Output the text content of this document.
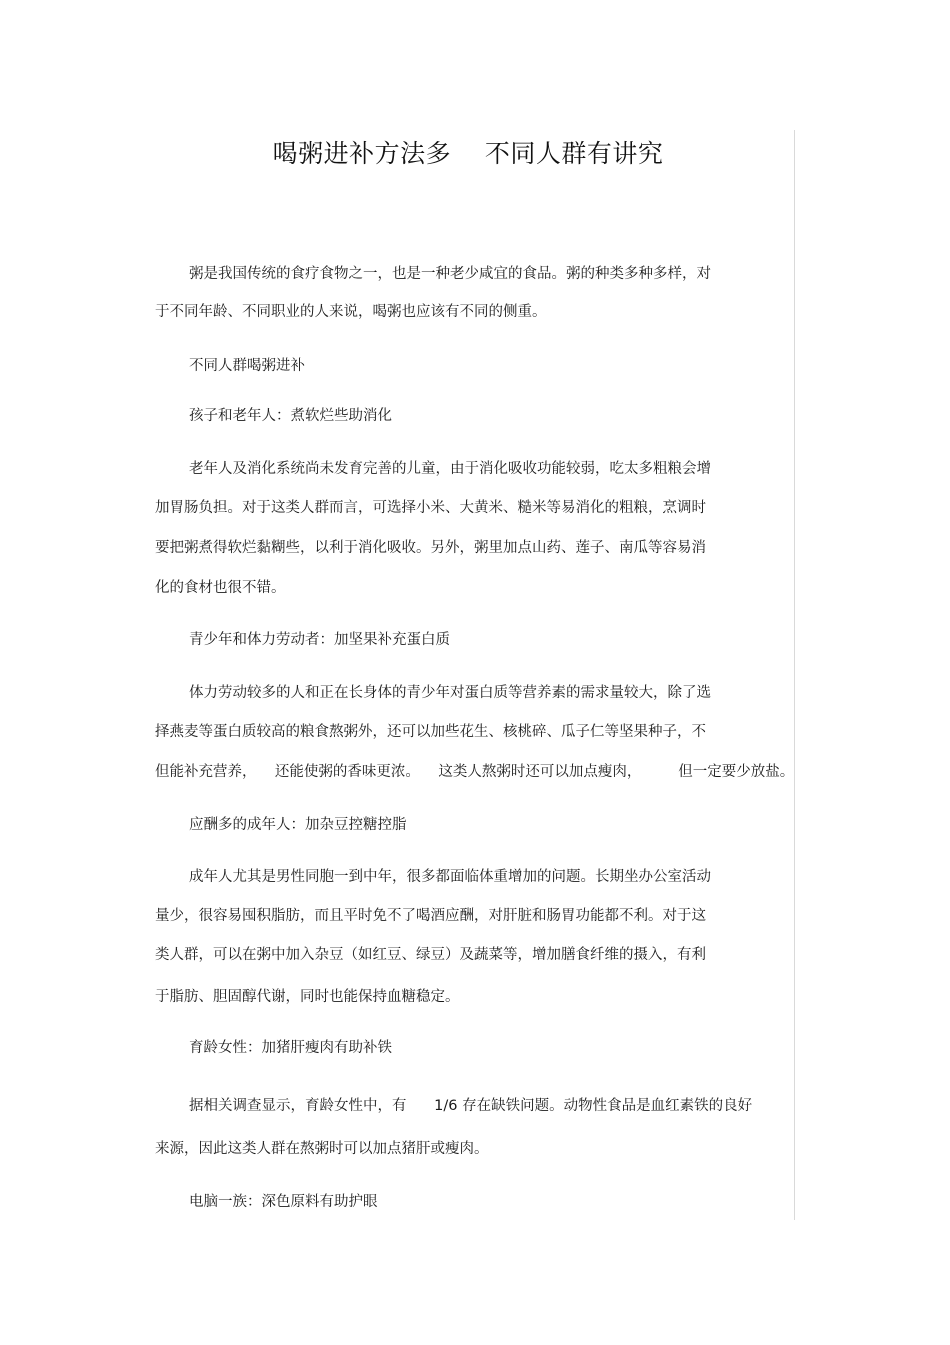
喝粥进补方法多    不同人群有讲究
粥是我国传统的食疗食物之一，也是一种老少咸宜的食品。粥的种类多种多样，对
于不同年龄、不同职业的人来说，喝粥也应该有不同的侧重。
不同人群喝粥进补
孩子和老年人：煮软烂些助消化
老年人及消化系统尚未发育完善的儿童，由于消化吸收功能较弱，吃太多粗粮会增
加胃肠负担。对于这类人群而言，可选择小米、大黄米、糙米等易消化的粗粮，烹调时
要把粥煮得软烂黏糊些，以利于消化吸收。另外，粥里加点山药、莲子、南瓜等容易消
化的食材也很不错。
青少年和体力劳动者：加坚果补充蛋白质
体力劳动较多的人和正在长身体的青少年对蛋白质等营养素的需求量较大，除了选
择燕麦等蛋白质较高的粮食熬粥外，还可以加些花生、核桃碎、瓜子仁等坚果种子，不
但能补充营养，    还能使粥的香味更浓。    这类人熬粥时还可以加点瘦肉，        但一定要少放盐。
应酬多的成年人：加杂豆控糖控脂
成年人尤其是男性同胞一到中年，很多都面临体重增加的问题。长期坐办公室活动
量少，很容易囤积脂肪，而且平时免不了喝酒应酬，对肝脏和肠胃功能都不利。对于这
类人群，可以在粥中加入杂豆（如红豆、绿豆）及蔬菜等，增加膳食纤维的摄入，有利
于脂肪、胆固醇代谢，同时也能保持血糖稳定。
育龄女性：加猪肝瘦肉有助补铁
据相关调查显示，育龄女性中，有      1/6 存在缺铁问题。动物性食品是血红素铁的良好
来源，因此这类人群在熬粥时可以加点猪肝或瘦肉。
电脑一族：深色原料有助护眼
